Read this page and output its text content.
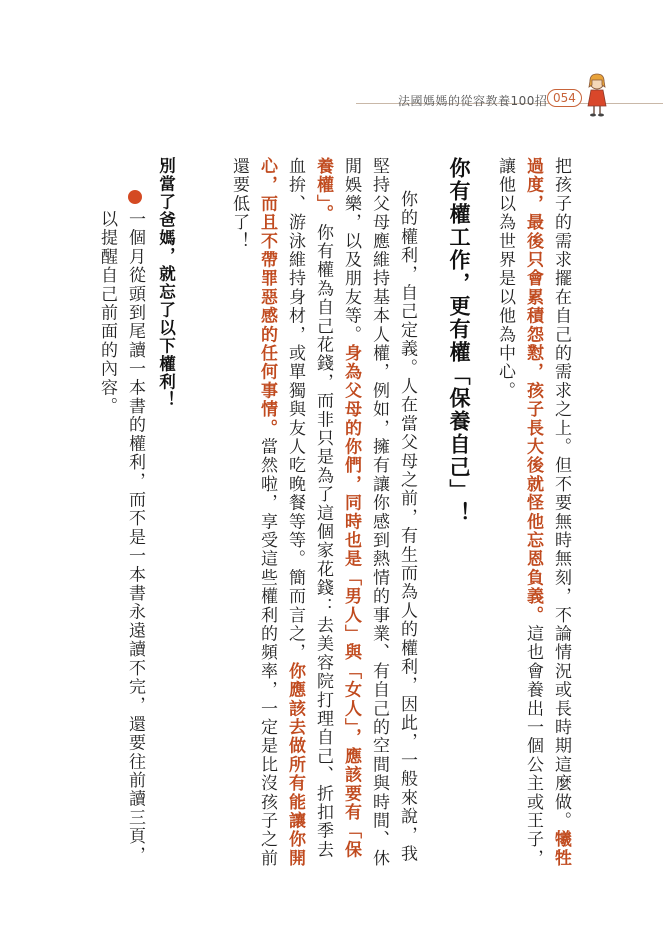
法國媽媽的從容教養100招 054
把孩子的需求擺在自己的需求之上。但不要無時無刻，不論情況或長時期這麼做。犧牲
過度，最後只會累積怨懟，孩子長大後就怪他忘恩負義。這也會養出一個公主或王子，
讓他以為世界是以他為中心。
你有權工作，更有權「保養自己」！
你的權利，自己定義。人在當父母之前，有生而為人的權利，因此，一般來說，我
堅持父母應維持基本人權，例如，擁有讓你感到熱情的事業、有自己的空間與時間、休
閒娛樂，以及朋友等。身為父母的你們，同時也是「男人」與「女人」，應該要有「保
養權」。你有權為自己花錢，而非只是為了這個家花錢：去美容院打理自己、折扣季去
血拚、游泳維持身材，或單獨與友人吃晚餐等等。簡而言之，你應該去做所有能讓你開
心，而且不帶罪惡感的任何事情。當然啦，享受這些權利的頻率，一定是比沒孩子之前
還要低了！
別當了爸媽，就忘了以下權利！
一個月從頭到尾讀一本書的權利，而不是一本書永遠讀不完，還要往前讀三頁，
以提醒自己前面的內容。
